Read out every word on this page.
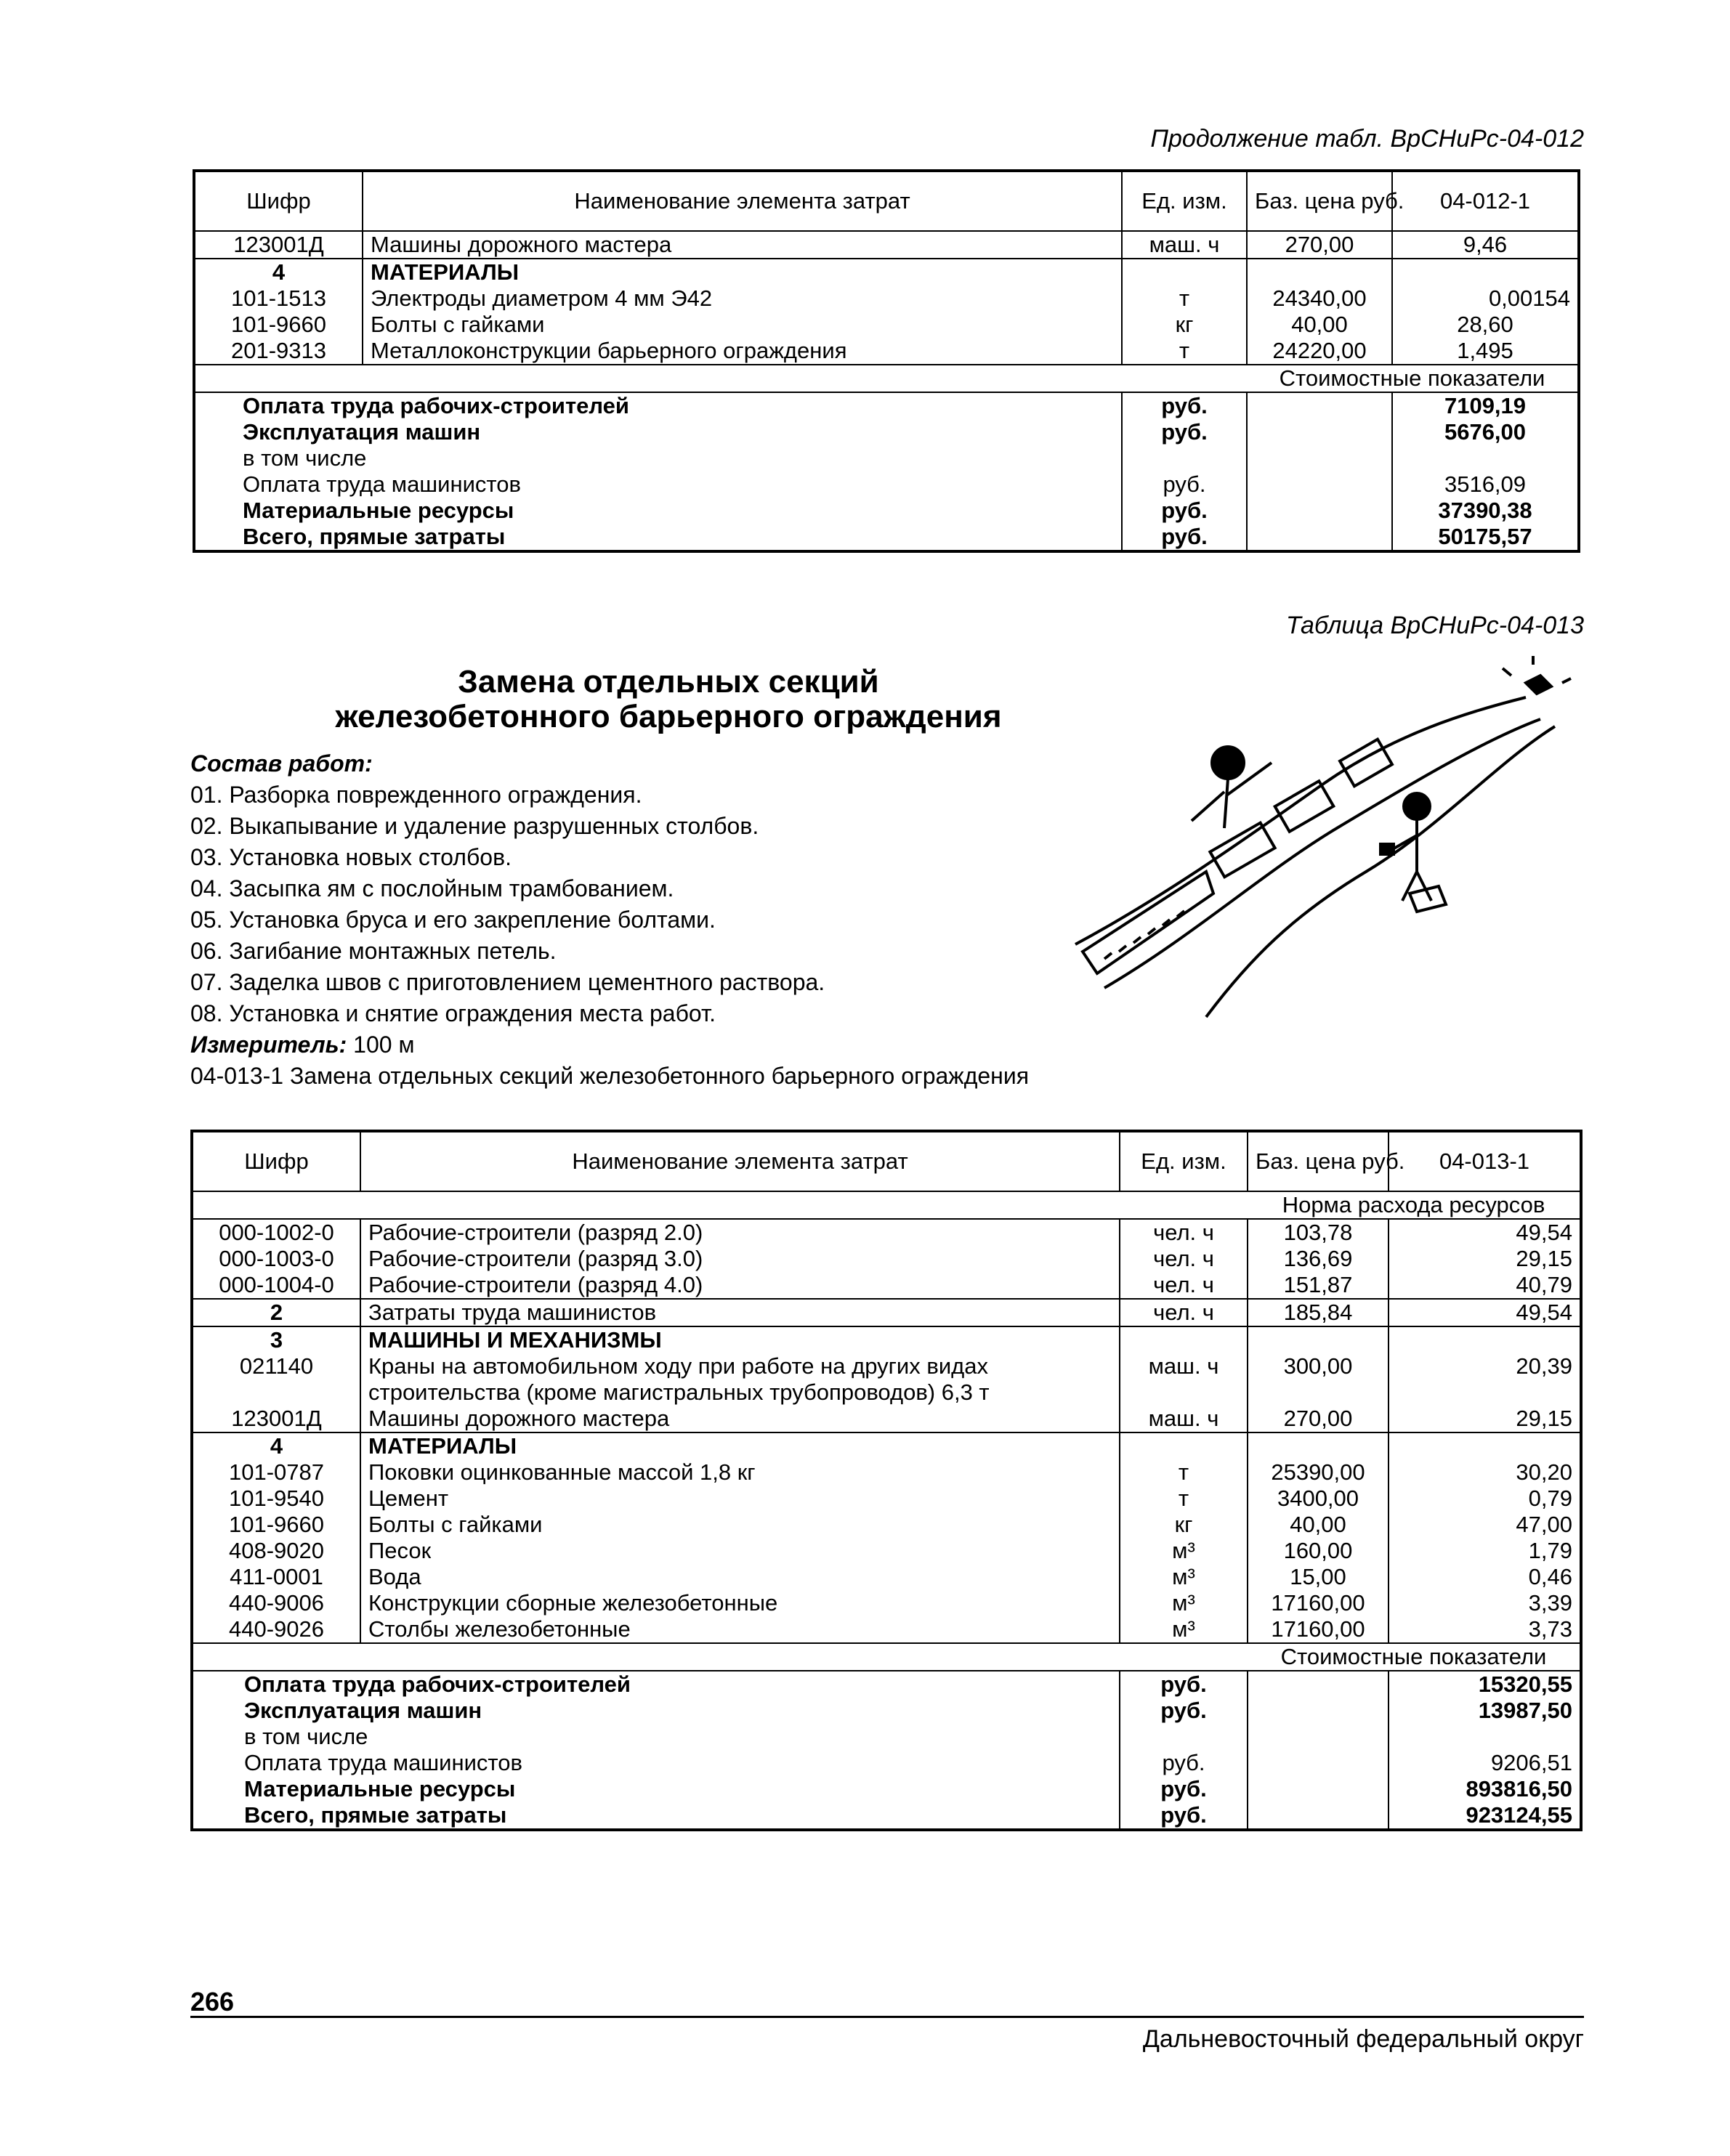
Продолжение табл. ВрСНиРс-04-012
Шифр	Наименование элемента затрат	Ед. изм.	Баз. цена руб.	04-012-1
123001Д	Машины дорожного мастера	маш. ч	270,00	9,46
4	МАТЕРИАЛЫ			
101-1513	Электроды диаметром 4 мм Э42	т	24340,00	0,00154
101-9660	Болты с гайками	кг	40,00	28,60
201-9313	Металлоконструкции барьерного ограждения	т	24220,00	1,495
			Стоимостные показатели	
Оплата труда рабочих-строителей		руб.		7109,19
Эксплуатация машин		руб.		5676,00
в том числе				
Оплата труда машинистов		руб.		3516,09
Материальные ресурсы		руб.		37390,38
Всего, прямые затраты		руб.		50175,57
Таблица ВрСНиРс-04-013
Замена отдельных секций
железобетонного барьерного ограждения
Состав работ:
01. Разборка поврежденного ограждения.
02. Выкапывание и удаление разрушенных столбов.
03. Установка новых столбов.
04. Засыпка ям с послойным трамбованием.
05. Установка бруса и его закрепление болтами.
06. Загибание монтажных петель.
07. Заделка швов с приготовлением цементного раствора.
08. Установка и снятие ограждения места работ.
Измеритель: 100 м
04-013-1 Замена отдельных секций железобетонного барьерного ограждения
Шифр	Наименование элемента затрат	Ед. изм.	Баз. цена руб.	04-013-1
			Норма расхода ресурсов	
000-1002-0	Рабочие-строители (разряд 2.0)	чел. ч	103,78	49,54
000-1003-0	Рабочие-строители (разряд 3.0)	чел. ч	136,69	29,15
000-1004-0	Рабочие-строители (разряд 4.0)	чел. ч	151,87	40,79
2	Затраты труда машинистов	чел. ч	185,84	49,54
3	МАШИНЫ И МЕХАНИЗМЫ			
021140	Краны на автомобильном ходу при работе на других видах	маш. ч	300,00	20,39
	строительства (кроме магистральных трубопроводов) 6,3 т			
123001Д	Машины дорожного мастера	маш. ч	270,00	29,15
4	МАТЕРИАЛЫ			
101-0787	Поковки оцинкованные массой 1,8 кг	т	25390,00	30,20
101-9540	Цемент	т	3400,00	0,79
101-9660	Болты с гайками	кг	40,00	47,00
408-9020	Песок	м³	160,00	1,79
411-0001	Вода	м³	15,00	0,46
440-9006	Конструкции сборные железобетонные	м³	17160,00	3,39
440-9026	Столбы железобетонные	м³	17160,00	3,73
			Стоимостные показатели	
Оплата труда рабочих-строителей		руб.		15320,55
Эксплуатация машин		руб.		13987,50
в том числе				
Оплата труда машинистов		руб.		9206,51
Материальные ресурсы		руб.		893816,50
Всего, прямые затраты		руб.		923124,55
266
Дальневосточный федеральный округ
